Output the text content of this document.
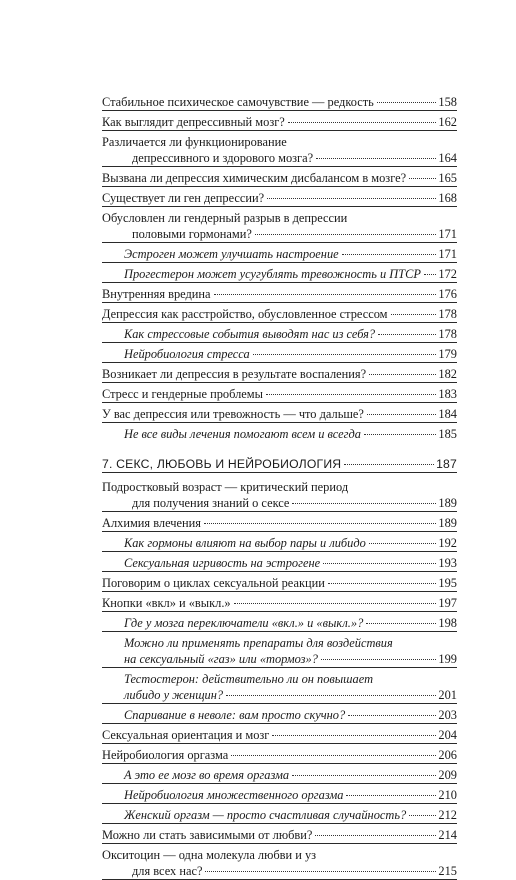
Стабильное психическое самочувствие — редкость	158
Как выглядит депрессивный мозг?	162
Различается ли функционирование
депрессивного и здорового мозга?	164
Вызвана ли депрессия химическим дисбалансом в мозге?	165
Существует ли ген депрессии?	168
Обусловлен ли гендерный разрыв в депрессии
половыми гормонами?	171
Эстроген может улучшать настроение	171
Прогестерон может усугублять тревожность и ПТСР 172
Внутренняя вредина	176
Депрессия как расстройство, обусловленное стрессом	178
Как стрессовые события выводят нас из себя?	178
Нейробиология стресса	179
Возникает ли депрессия в результате воспаления?	182
Стресс и гендерные проблемы	183
У вас депрессия или тревожность — что дальше?	184
Не все виды лечения помогают всем и всегда	185
7. СЕКС, ЛЮБОВЬ И НЕЙРОБИОЛОГИЯ	187
Подростковый возраст — критический период
для получения знаний о сексе	189
Алхимия влечения	189
Как гормоны влияют на выбор пары и либидо	192
Сексуальная игривость на эстрогене	193
Поговорим о циклах сексуальной реакции	195
Кнопки «вкл» и «выкл.»	197
Где у мозга переключатели «вкл.» и «выкл.»?	198
Можно ли применять препараты для воздействия
на сексуальный «газ» или «тормоз»?	199
Тестостерон: действительно ли он повышает
либидо у женщин?	201
Спаривание в неволе: вам просто скучно?	203
Сексуальная ориентация и мозг	204
Нейробиология оргазма	206
А это ее мозг во время оргазма	209
Нейробиология множественного оргазма	210
Женский оргазм — просто счастливая случайность?	212
Можно ли стать зависимыми от любви?	214
Окситоцин — одна молекула любви и уз
для всех нас?	215
